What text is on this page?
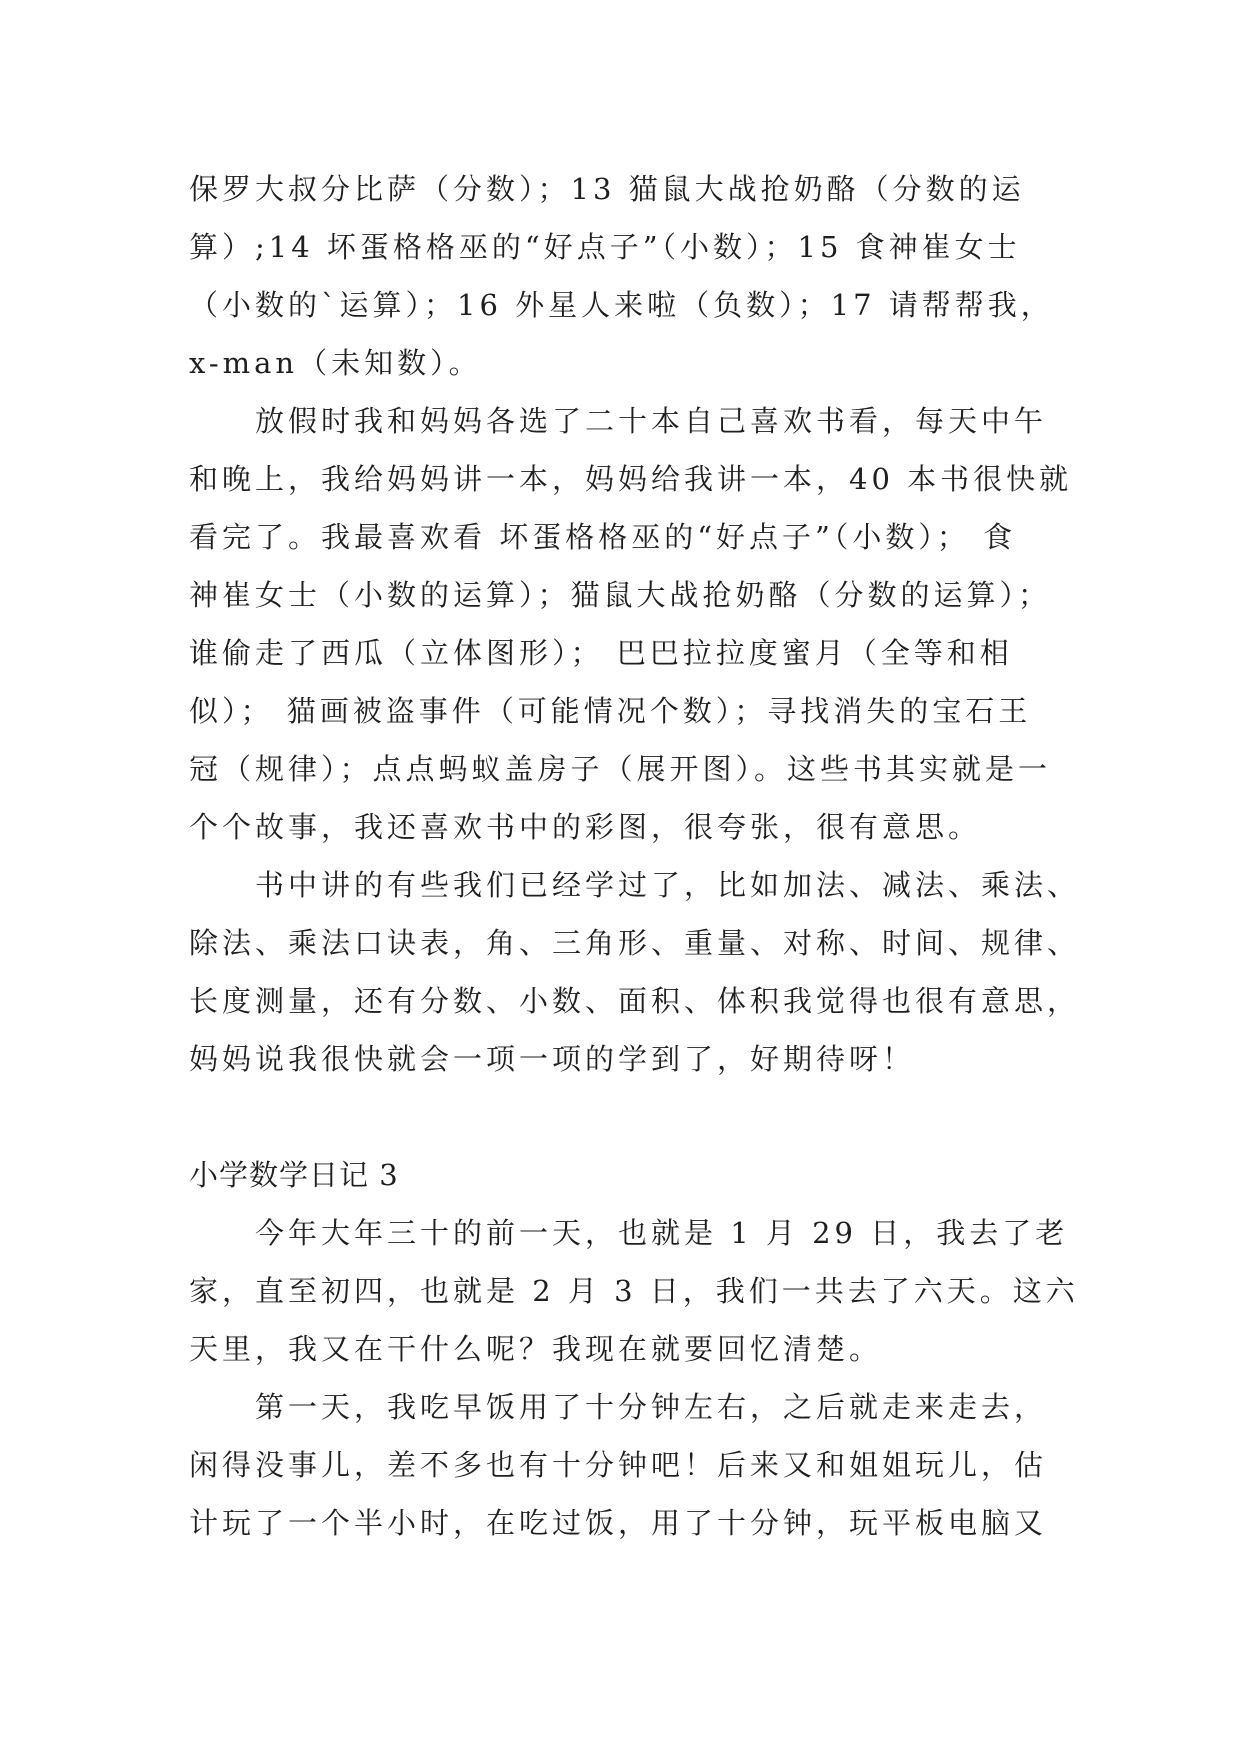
保罗大叔分比萨（分数）；13 猫鼠大战抢奶酪（分数的运
算）;14 坏蛋格格巫的“好点子”（小数）；15 食神崔女士
（小数的`运算）；16 外星人来啦（负数）；17 请帮帮我，
x-man（未知数）。
放假时我和妈妈各选了二十本自己喜欢书看，每天中午
和晚上，我给妈妈讲一本，妈妈给我讲一本，40 本书很快就
看完了。我最喜欢看 坏蛋格格巫的“好点子”（小数）； 食
神崔女士（小数的运算）；猫鼠大战抢奶酪（分数的运算）；
谁偷走了西瓜（立体图形）； 巴巴拉拉度蜜月（全等和相
似）； 猫画被盗事件（可能情况个数）；寻找消失的宝石王
冠（规律）；点点蚂蚁盖房子（展开图）。这些书其实就是一
个个故事，我还喜欢书中的彩图，很夸张，很有意思。
书中讲的有些我们已经学过了，比如加法、减法、乘法、
除法、乘法口诀表，角、三角形、重量、对称、时间、规律、
长度测量，还有分数、小数、面积、体积我觉得也很有意思，
妈妈说我很快就会一项一项的学到了，好期待呀！
小学数学日记 3
今年大年三十的前一天，也就是 1 月 29 日，我去了老
家，直至初四，也就是 2 月 3 日，我们一共去了六天。这六
天里，我又在干什么呢？我现在就要回忆清楚。
第一天，我吃早饭用了十分钟左右，之后就走来走去，
闲得没事儿，差不多也有十分钟吧！后来又和姐姐玩儿，估
计玩了一个半小时，在吃过饭，用了十分钟，玩平板电脑又
